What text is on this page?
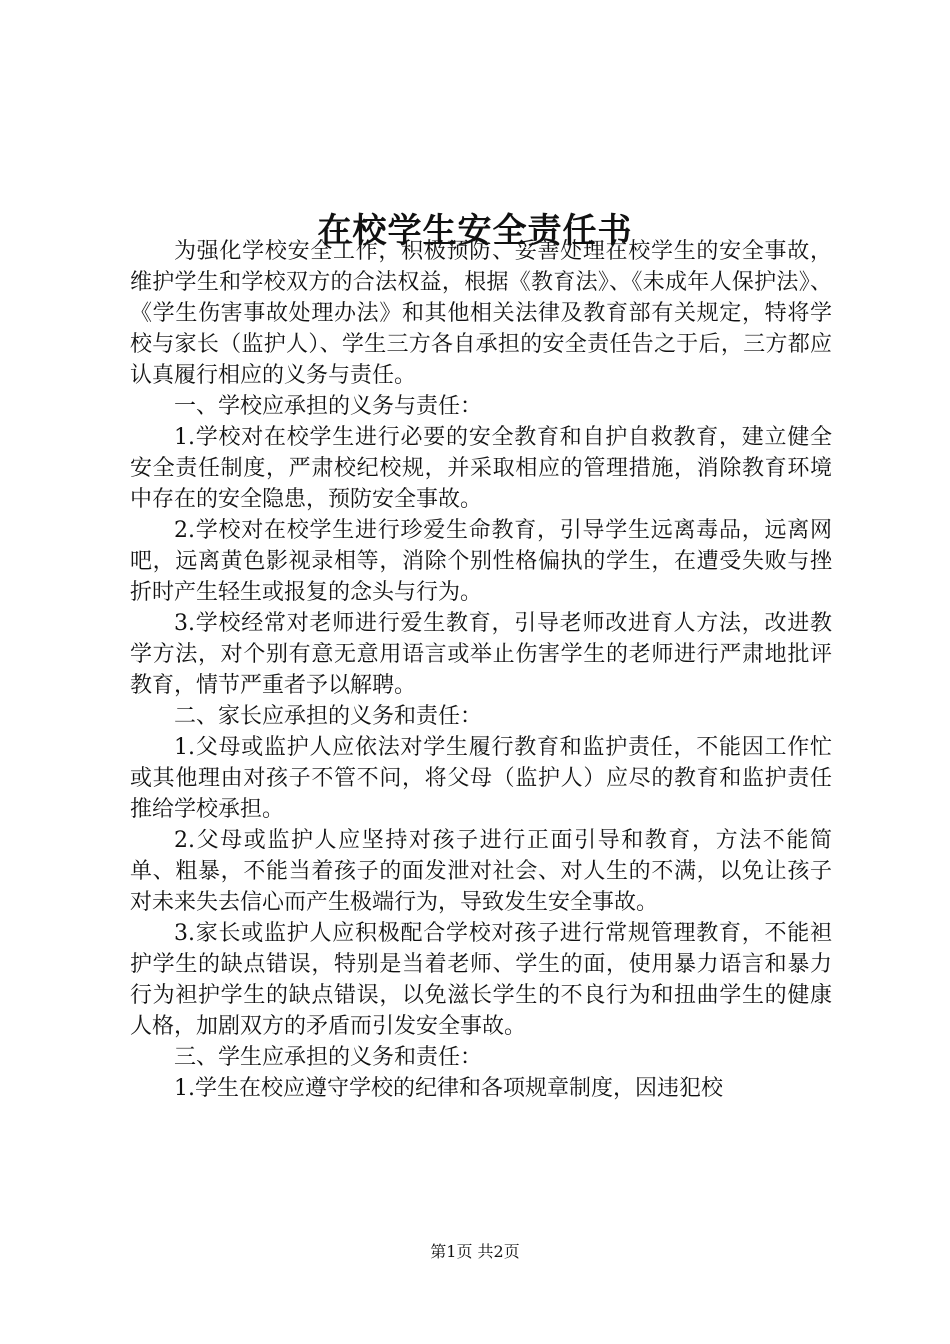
在校学生安全责任书

为强化学校安全工作，积极预防、妥善处理在校学生的安全事故，维护学生和学校双方的合法权益，根据《教育法》、《未成年人保护法》、《学生伤害事故处理办法》和其他相关法律及教育部有关规定，特将学校与家长（监护人）、学生三方各自承担的安全责任告之于后，三方都应认真履行相应的义务与责任。

一、学校应承担的义务与责任：

1.学校对在校学生进行必要的安全教育和自护自救教育，建立健全安全责任制度，严肃校纪校规，并采取相应的管理措施，消除教育环境中存在的安全隐患，预防安全事故。

2.学校对在校学生进行珍爱生命教育，引导学生远离毒品，远离网吧，远离黄色影视录相等，消除个别性格偏执的学生，在遭受失败与挫折时产生轻生或报复的念头与行为。

3.学校经常对老师进行爱生教育，引导老师改进育人方法，改进教学方法，对个别有意无意用语言或举止伤害学生的老师进行严肃地批评教育，情节严重者予以解聘。

二、家长应承担的义务和责任：

1.父母或监护人应依法对学生履行教育和监护责任，不能因工作忙或其他理由对孩子不管不问，将父母（监护人）应尽的教育和监护责任推给学校承担。

2.父母或监护人应坚持对孩子进行正面引导和教育，方法不能简单、粗暴，不能当着孩子的面发泄对社会、对人生的不满，以免让孩子对未来失去信心而产生极端行为，导致发生安全事故。

3.家长或监护人应积极配合学校对孩子进行常规管理教育，不能袒护学生的缺点错误，特别是当着老师、学生的面，使用暴力语言和暴力行为袒护学生的缺点错误，以免滋长学生的不良行为和扭曲学生的健康人格，加剧双方的矛盾而引发安全事故。

三、学生应承担的义务和责任：

1.学生在校应遵守学校的纪律和各项规章制度，因违犯校

第1页 共2页
